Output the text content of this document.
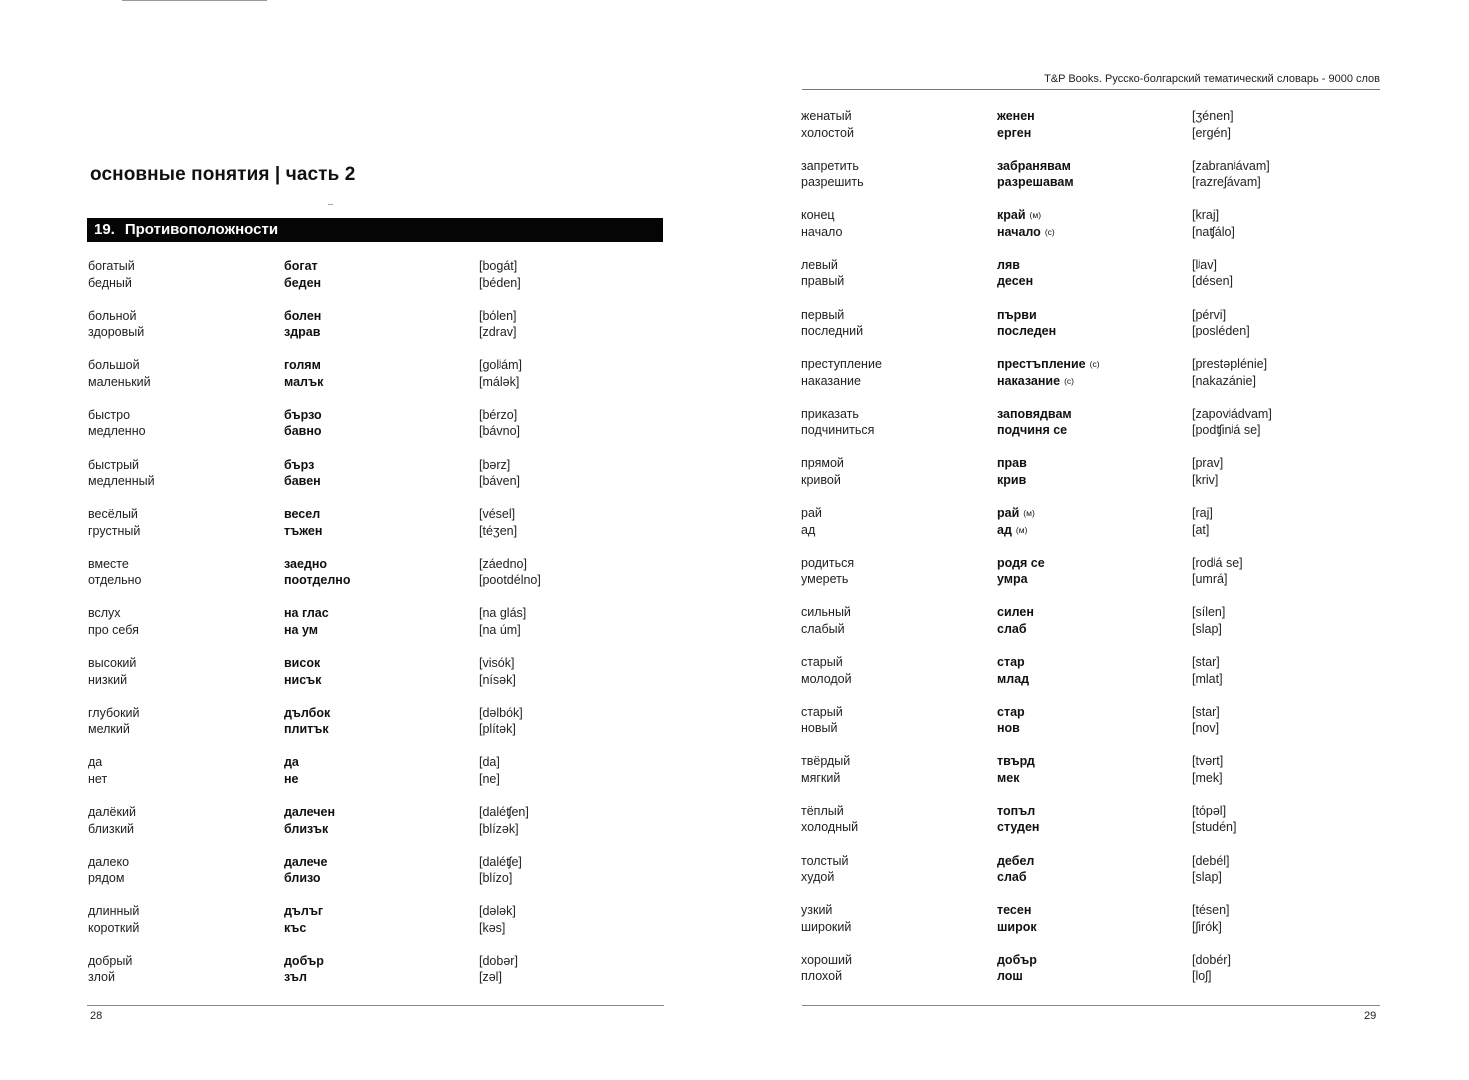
основные понятия | часть 2
19. Противоположности
богатый	богат	[bogát]
бедный	беден	[béden]
больной	болен	[bólen]
здоровый	здрав	[zdrav]
большой	голям	[golʲám]
маленький	малък	[málək]
быстро	бързо	[bérzo]
медленно	бавно	[bávno]
быстрый	бърз	[bərz]
медленный	бавен	[báven]
весёлый	весел	[vésel]
грустный	тъжен	[téʒen]
вместе	заедно	[záedno]
отдельно	поотделно	[pootdélno]
вслух	на глас	[na glás]
про себя	на ум	[na úm]
высокий	висок	[visók]
низкий	нисък	[nísək]
глубокий	дълбок	[dəlbók]
мелкий	плитък	[plítək]
да	да	[da]
нет	не	[ne]
далёкий	далечен	[daléʧen]
близкий	близък	[blízək]
далеко	далече	[daléʧe]
рядом	близо	[blízo]
длинный	дълъг	[dǝlǝk]
короткий	къс	[kəs]
добрый	добър	[dobər]
злой	зъл	[zəl]
28
T&P Books. Русско-болгарский тематический словарь - 9000 слов
женатый	женен	[ʒénen]
холостой	ерген	[ergén]
запретить	забранявам	[zabranʲávam]
разрешить	разрешавам	[razreʃávam]
конец	край (м)	[kraj]
начало	начало (с)	[naʧálo]
левый	ляв	[lʲav]
правый	десен	[désen]
первый	първи	[pérvi]
последний	последен	[posléden]
преступление	престъпление (с)	[prestəplénie]
наказание	наказание (с)	[nakazánie]
приказать	заповядвам	[zapovʲádvam]
подчиниться	подчиня се	[podʧinʲá se]
прямой	прав	[prav]
кривой	крив	[kriv]
рай	рай (м)	[raj]
ад	ад (м)	[at]
родиться	родя се	[rodʲá se]
умереть	умра	[umrá]
сильный	силен	[sílen]
слабый	слаб	[slap]
старый	стар	[star]
молодой	млад	[mlat]
старый	стар	[star]
новый	нов	[nov]
твёрдый	твърд	[tvərt]
мягкий	мек	[mek]
тёплый	топъл	[tópəl]
холодный	студен	[studén]
толстый	дебел	[debél]
худой	слаб	[slap]
узкий	тесен	[tésen]
широкий	широк	[ʃirók]
хороший	добър	[dobér]
плохой	лош	[loʃ]
29
